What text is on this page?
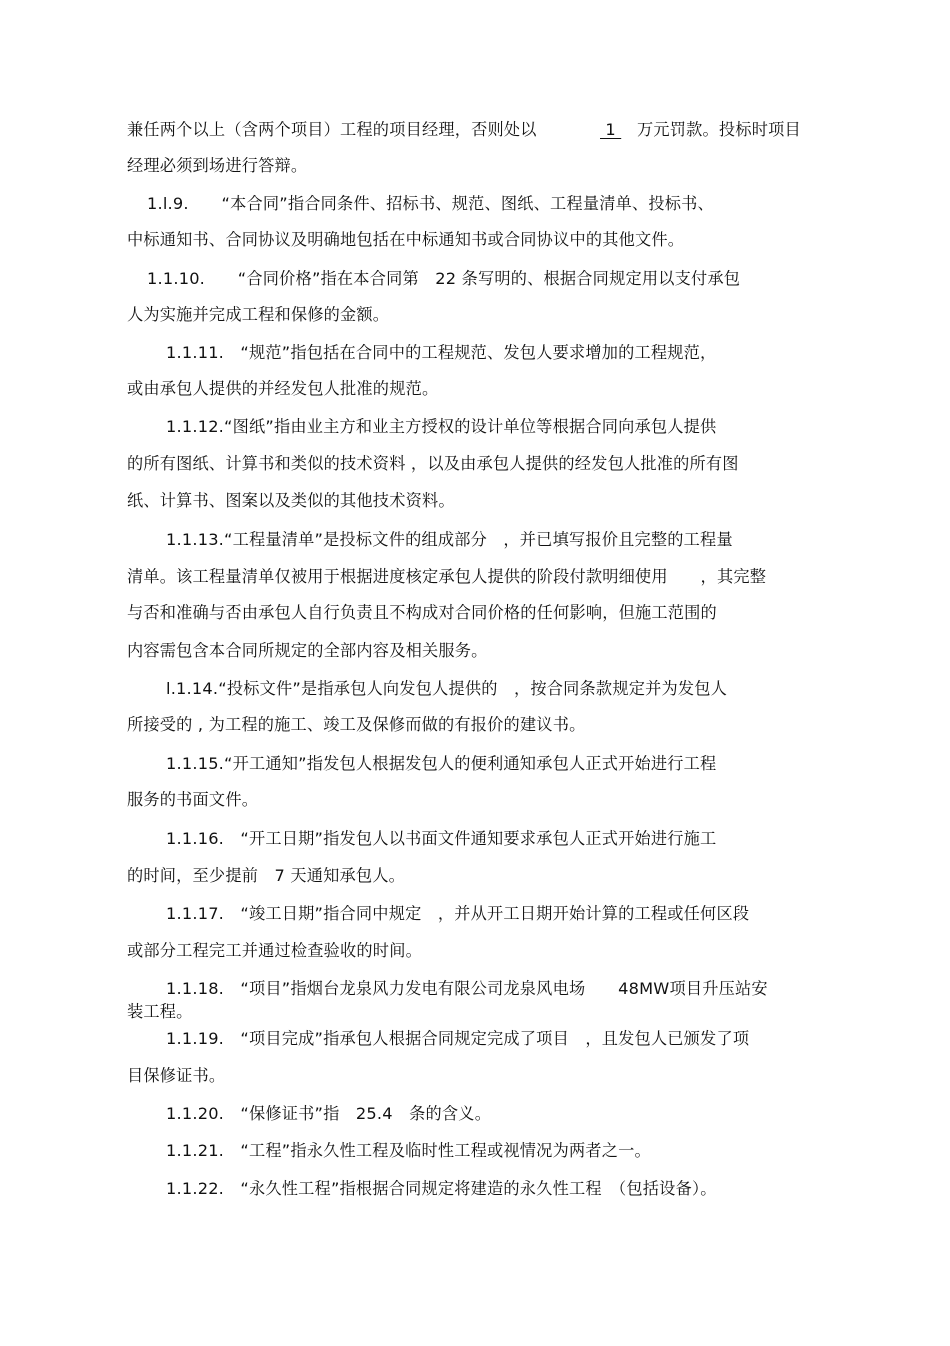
兼任两个以上（含两个项目）工程的项目经理，否则处以	1 万元罚款。投标时项目
经理必须到场进行答辩。
1.l.9.　　“本合同”指合同条件、招标书、规范、图纸、工程量清单、投标书、
中标通知书、合同协议及明确地包括在中标通知书或合同协议中的其他文件。
1.1.10.　　“合同价格”指在本合同第　22 条写明的、根据合同规定用以支付承包
人为实施并完成工程和保修的金额。
1.1.11.　“规范”指包括在合同中的工程规范、发包人要求增加的工程规范，
或由承包人提供的并经发包人批准的规范。
1.1.12.“图纸”指由业主方和业主方授权的设计单位等根据合同向承包人提供
的所有图纸、计算书和类似的技术资料 ，以及由承包人提供的经发包人批准的所有图
纸、计算书、图案以及类似的其他技术资料。
1.1.13.“工程量清单”是投标文件的组成部分　，并已填写报价且完整的工程量
清单。该工程量清单仅被用于根据进度核定承包人提供的阶段付款明细使用　　，其完整
与否和准确与否由承包人自行负责且不构成对合同价格的任何影响，但施工范围的
内容需包含本合同所规定的全部内容及相关服务。
l.1.14.“投标文件”是指承包人向发包人提供的　，按合同条款规定并为发包人
所接受的 , 为工程的施工、竣工及保修而做的有报价的建议书。
1.1.15.“开工通知”指发包人根据发包人的便利通知承包人正式开始进行工程
服务的书面文件。
1.1.16.　“开工日期”指发包人以书面文件通知要求承包人正式开始进行施工
的时间，至少提前　7 天通知承包人。
1.1.17.　“竣工日期”指合同中规定　，并从开工日期开始计算的工程或任何区段
或部分工程完工并通过检查验收的时间。
1.1.18.　“项目”指烟台龙泉风力发电有限公司龙泉风电场　　48MW项目升压站安
装工程。
1.1.19.　“项目完成”指承包人根据合同规定完成了项目　，且发包人已颁发了项
目保修证书。
1.1.20.　“保修证书”指　25.4　条的含义。
1.1.21.　“工程”指永久性工程及临时性工程或视情况为两者之一。
1.1.22.　“永久性工程”指根据合同规定将建造的永久性工程　（包括设备）。
